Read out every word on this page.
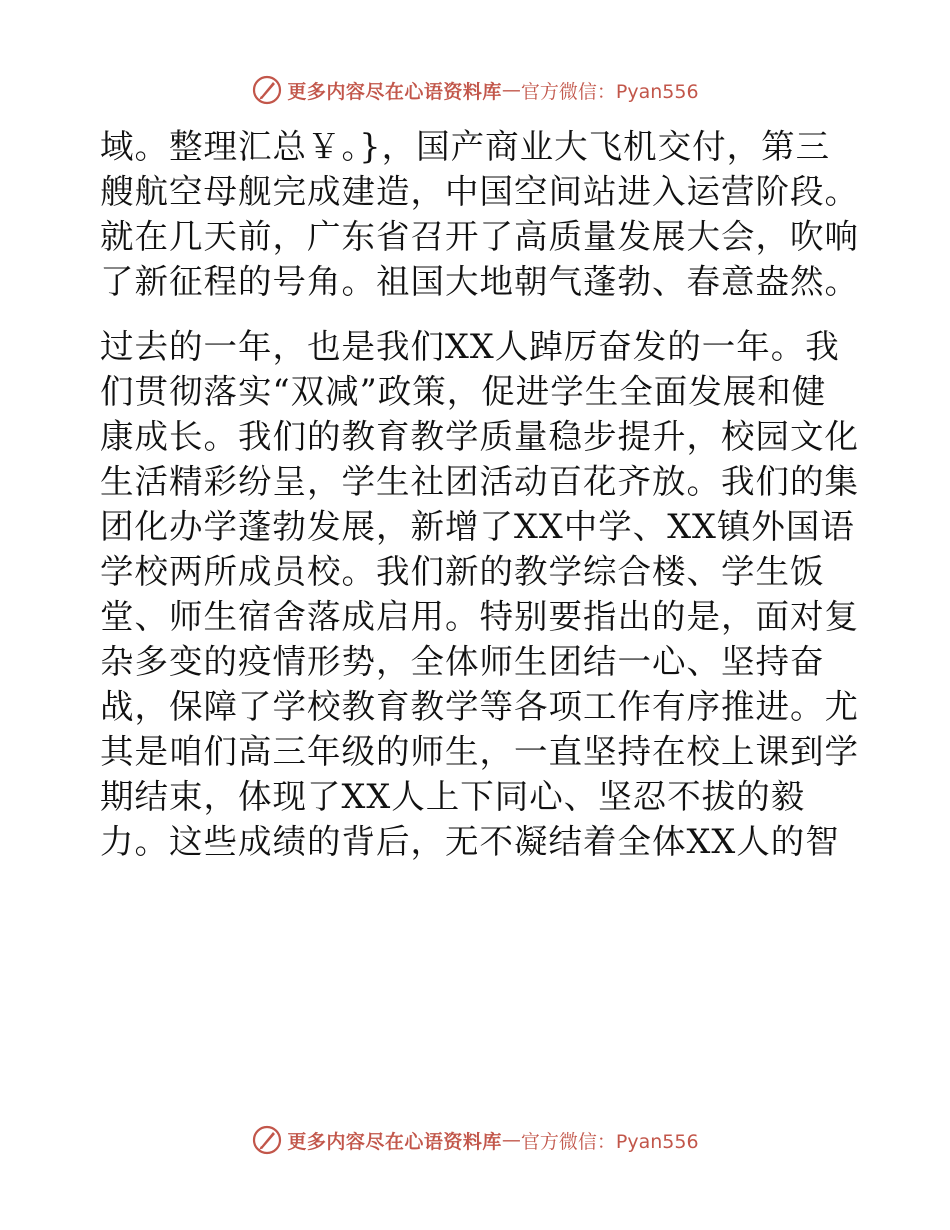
更多内容尽在心语资料库 — 官方微信：Pyan556

域。整理汇总￥。}，国产商业大飞机交付，第三
艘航空母舰完成建造，中国空间站进入运营阶段。
就在几天前，广东省召开了高质量发展大会，吹响
了新征程的号角。祖国大地朝气蓬勃、春意盎然。

过去的一年，也是我们XX人踔厉奋发的一年。我
们贯彻落实“双减”政策，促进学生全面发展和健
康成长。我们的教育教学质量稳步提升，校园文化
生活精彩纷呈，学生社团活动百花齐放。我们的集
团化办学蓬勃发展，新增了XX中学、XX镇外国语
学校两所成员校。我们新的教学综合楼、学生饭
堂、师生宿舍落成启用。特别要指出的是，面对复
杂多变的疫情形势，全体师生团结一心、坚持奋
战，保障了学校教育教学等各项工作有序推进。尤
其是咱们高三年级的师生，一直坚持在校上课到学
期结束，体现了XX人上下同心、坚忍不拔的毅
力。这些成绩的背后，无不凝结着全体XX人的智

更多内容尽在心语资料库 — 官方微信：Pyan556
